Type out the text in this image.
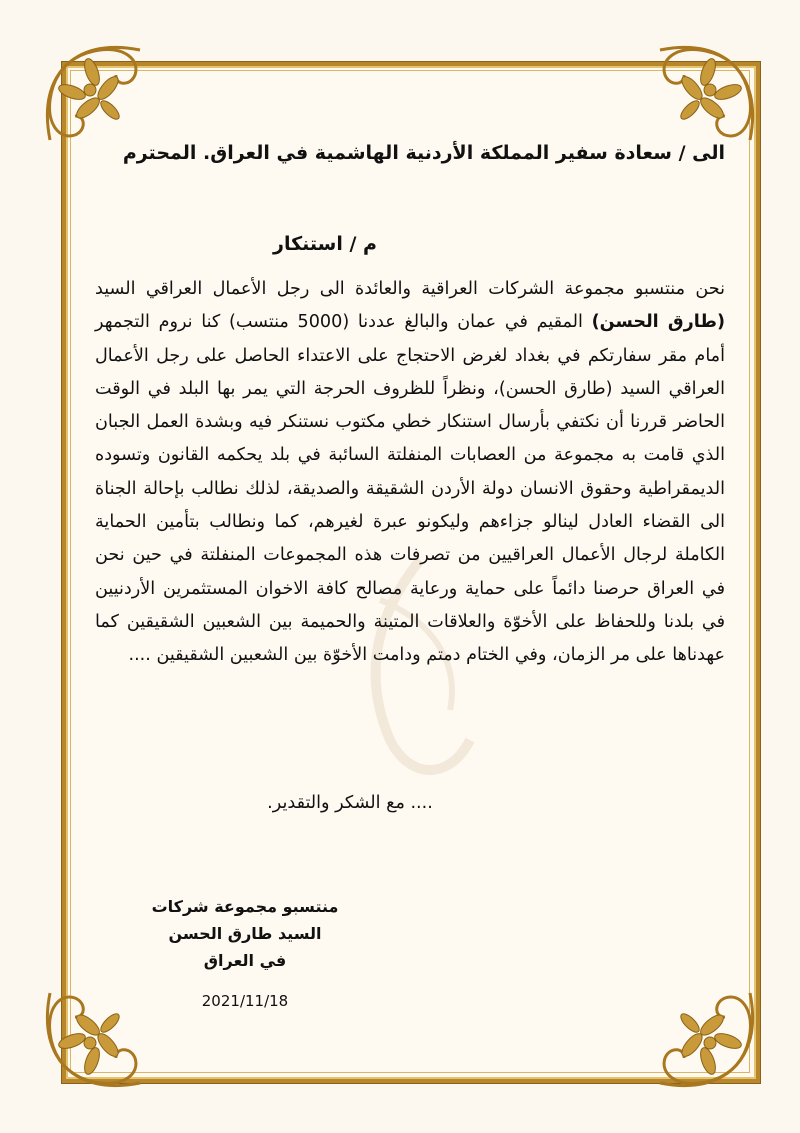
الى / سعادة سفير المملكة الأردنية الهاشمية في العراق. المحترم
م / استنكار
نحن منتسبو مجموعة الشركات العراقية والعائدة الى رجل الأعمال العراقي السيد (طارق الحسن) المقيم في عمان والبالغ عددنا (5000 منتسب) كنا نروم التجمهر أمام مقر سفارتكم في بغداد لغرض الاحتجاج على الاعتداء الحاصل على رجل الأعمال العراقي السيد (طارق الحسن)، ونظراً للظروف الحرجة التي يمر بها البلد في الوقت الحاضر قررنا أن نكتفي بأرسال استنكار خطي مكتوب نستنكر فيه وبشدة العمل الجبان الذي قامت به مجموعة من العصابات المنفلتة السائبة في بلد يحكمه القانون وتسوده الديمقراطية وحقوق الانسان دولة الأردن الشقيقة والصديقة، لذلك نطالب بإحالة الجناة الى القضاء العادل لينالو جزاءهم وليكونو عبرة لغيرهم، كما ونطالب بتأمين الحماية الكاملة لرجال الأعمال العراقيين من تصرفات هذه المجموعات المنفلتة في حين نحن في العراق حرصنا دائماً على حماية ورعاية مصالح كافة الاخوان المستثمرين الأردنيين في بلدنا وللحفاظ على الأخوّة والعلاقات المتينة والحميمة بين الشعبين الشقيقين كما عهدناها على مر الزمان، وفي الختام دمتم ودامت الأخوّة بين الشعبين الشقيقين ....
.... مع الشكر والتقدير.
منتسبو مجموعة شركات
السيد طارق الحسن
في العراق
2021/11/18
